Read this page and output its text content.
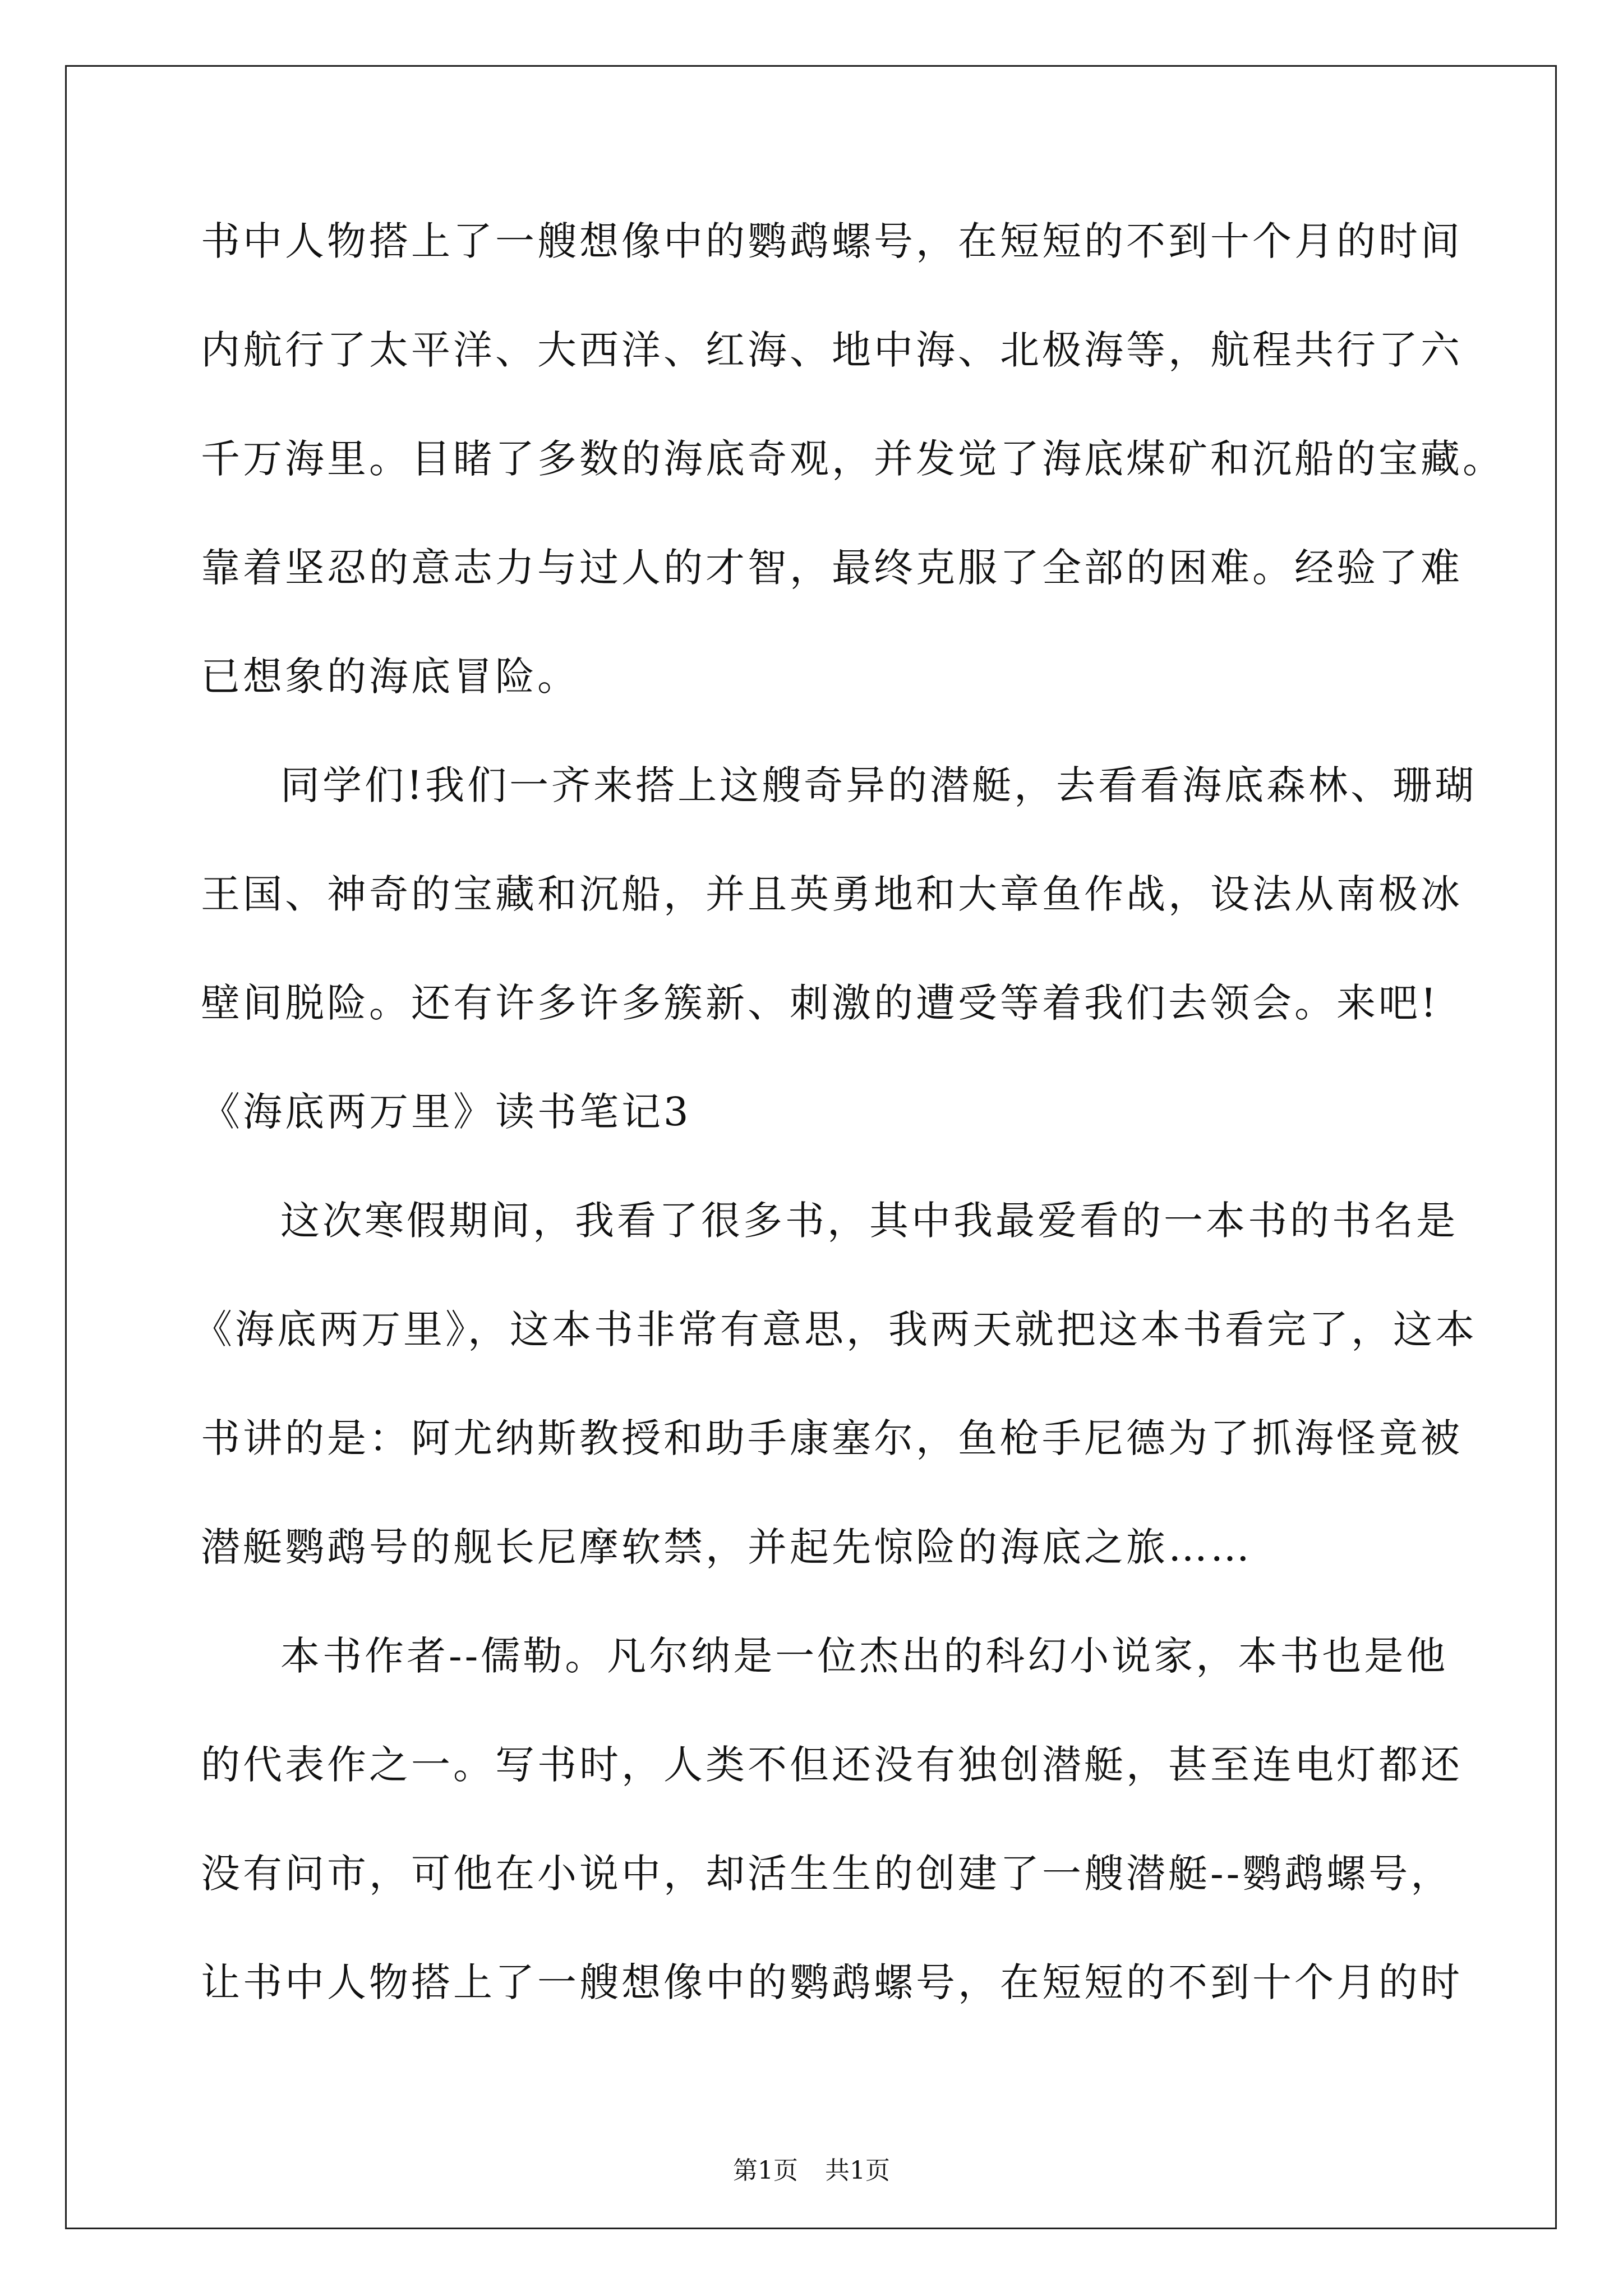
书中人物搭上了一艘想像中的鹦鹉螺号，在短短的不到十个月的时间
内航行了太平洋、大西洋、红海、地中海、北极海等，航程共行了六
千万海里。目睹了多数的海底奇观，并发觉了海底煤矿和沉船的宝藏。
靠着坚忍的意志力与过人的才智，最终克服了全部的困难。经验了难
已想象的海底冒险。
同学们!我们一齐来搭上这艘奇异的潜艇，去看看海底森林、珊瑚
王国、神奇的宝藏和沉船，并且英勇地和大章鱼作战，设法从南极冰
壁间脱险。还有许多许多簇新、刺激的遭受等着我们去领会。来吧!
《海底两万里》读书笔记3
这次寒假期间，我看了很多书，其中我最爱看的一本书的书名是
《海底两万里》，这本书非常有意思，我两天就把这本书看完了，这本
书讲的是：阿尤纳斯教授和助手康塞尔，鱼枪手尼德为了抓海怪竟被
潜艇鹦鹉号的舰长尼摩软禁，并起先惊险的海底之旅……
本书作者--儒勒。凡尔纳是一位杰出的科幻小说家，本书也是他
的代表作之一。写书时，人类不但还没有独创潜艇，甚至连电灯都还
没有问市，可他在小说中，却活生生的创建了一艘潜艇--鹦鹉螺号，
让书中人物搭上了一艘想像中的鹦鹉螺号，在短短的不到十个月的时
第1页 共1页
